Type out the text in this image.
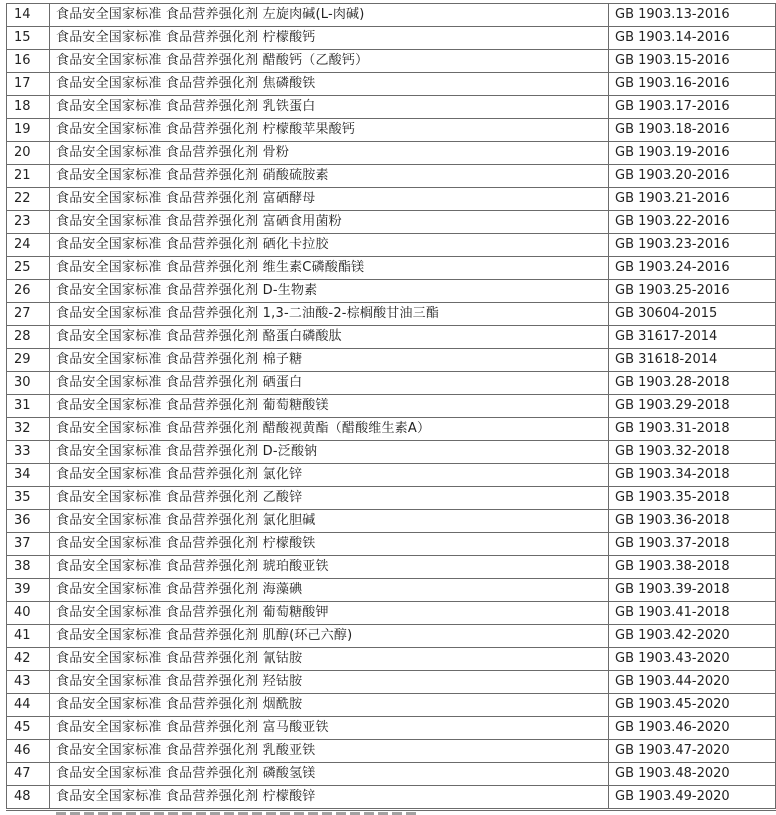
14	食品安全国家标准 食品营养强化剂 左旋肉碱(L-肉碱)	GB 1903.13-2016
15	食品安全国家标准 食品营养强化剂 柠檬酸钙	GB 1903.14-2016
16	食品安全国家标准 食品营养强化剂 醋酸钙（乙酸钙）	GB 1903.15-2016
17	食品安全国家标准 食品营养强化剂 焦磷酸铁	GB 1903.16-2016
18	食品安全国家标准 食品营养强化剂 乳铁蛋白	GB 1903.17-2016
19	食品安全国家标准 食品营养强化剂 柠檬酸苹果酸钙	GB 1903.18-2016
20	食品安全国家标准 食品营养强化剂 骨粉	GB 1903.19-2016
21	食品安全国家标准 食品营养强化剂 硝酸硫胺素	GB 1903.20-2016
22	食品安全国家标准 食品营养强化剂 富硒酵母	GB 1903.21-2016
23	食品安全国家标准 食品营养强化剂 富硒食用菌粉	GB 1903.22-2016
24	食品安全国家标准 食品营养强化剂 硒化卡拉胶	GB 1903.23-2016
25	食品安全国家标准 食品营养强化剂 维生素C磷酸酯镁	GB 1903.24-2016
26	食品安全国家标准 食品营养强化剂 D-生物素	GB 1903.25-2016
27	食品安全国家标准 食品营养强化剂 1,3-二油酸-2-棕榈酸甘油三酯	GB 30604-2015
28	食品安全国家标准 食品营养强化剂 酪蛋白磷酸肽	GB 31617-2014
29	食品安全国家标准 食品营养强化剂 棉子糖	GB 31618-2014
30	食品安全国家标准 食品营养强化剂 硒蛋白	GB 1903.28-2018
31	食品安全国家标准 食品营养强化剂 葡萄糖酸镁	GB 1903.29-2018
32	食品安全国家标准 食品营养强化剂 醋酸视黄酯（醋酸维生素A）	GB 1903.31-2018
33	食品安全国家标准 食品营养强化剂 D-泛酸钠	GB 1903.32-2018
34	食品安全国家标准 食品营养强化剂 氯化锌	GB 1903.34-2018
35	食品安全国家标准 食品营养强化剂 乙酸锌	GB 1903.35-2018
36	食品安全国家标准 食品营养强化剂 氯化胆碱	GB 1903.36-2018
37	食品安全国家标准 食品营养强化剂 柠檬酸铁	GB 1903.37-2018
38	食品安全国家标准 食品营养强化剂 琥珀酸亚铁	GB 1903.38-2018
39	食品安全国家标准 食品营养强化剂 海藻碘	GB 1903.39-2018
40	食品安全国家标准 食品营养强化剂 葡萄糖酸钾	GB 1903.41-2018
41	食品安全国家标准 食品营养强化剂 肌醇(环己六醇)	GB 1903.42-2020
42	食品安全国家标准 食品营养强化剂 氰钴胺	GB 1903.43-2020
43	食品安全国家标准 食品营养强化剂 羟钴胺	GB 1903.44-2020
44	食品安全国家标准 食品营养强化剂 烟酰胺	GB 1903.45-2020
45	食品安全国家标准 食品营养强化剂 富马酸亚铁	GB 1903.46-2020
46	食品安全国家标准 食品营养强化剂 乳酸亚铁	GB 1903.47-2020
47	食品安全国家标准 食品营养强化剂 磷酸氢镁	GB 1903.48-2020
48	食品安全国家标准 食品营养强化剂 柠檬酸锌	GB 1903.49-2020
